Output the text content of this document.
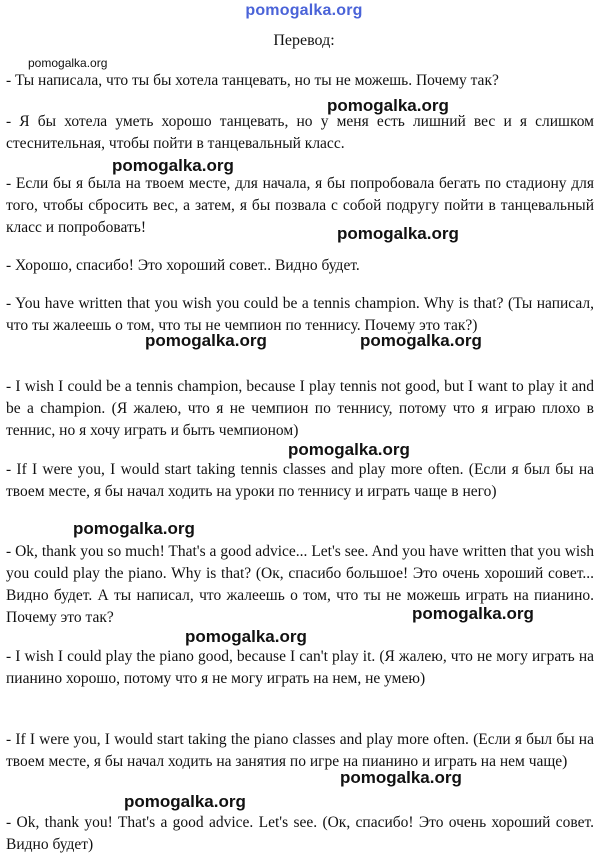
pomogalka.org
Перевод:
- Ты написала, что ты бы хотела танцевать, но ты не можешь. Почему так?
- Я бы хотела уметь хорошо танцевать, но у меня есть лишний вес и я слишком стеснительная, чтобы пойти в танцевальный класс.
- Если бы я была на твоем месте, для начала, я бы попробовала бегать по стадиону для того, чтобы сбросить вес, а затем, я бы позвала с собой подругу пойти в танцевальный класс и попробовать!
- Хорошо, спасибо! Это хороший совет.. Видно будет.
- You have written that you wish you could be a tennis champion. Why is that? (Ты написал, что ты жалеешь о том, что ты не чемпион по теннису. Почему это так?)
- I wish I could be a tennis champion, because I play tennis not good, but I want to play it and be a champion. (Я жалею, что я не чемпион по теннису, потому что я играю плохо в теннис, но я хочу играть и быть чемпионом)
- If I were you, I would start taking tennis classes and play more often. (Если я был бы на твоем месте, я бы начал ходить на уроки по теннису и играть чаще в него)
- Ok, thank you so much! That's a good advice... Let's see. And you have written that you wish you could play the piano. Why is that? (Ок, спасибо большое! Это очень хороший совет... Видно будет. А ты написал, что жалеешь о том, что ты не можешь играть на пианино. Почему это так?
- I wish I could play the piano good, because I can't play it. (Я жалею, что не могу играть на пианино хорошо, потому что я не могу играть на нем, не умею)
- If I were you, I would start taking the piano classes and play more often. (Если я был бы на твоем месте, я бы начал ходить на занятия по игре на пианино и играть на нем чаще)
- Ok, thank you! That's a good advice. Let's see. (Ок, спасибо! Это очень хороший совет. Видно будет)
pomogalka.org
pomogalka.org
pomogalka.org
pomogalka.org
pomogalka.org	pomogalka.org
pomogalka.org
pomogalka.org
pomogalka.org
pomogalka.org
pomogalka.org
pomogalka.org
